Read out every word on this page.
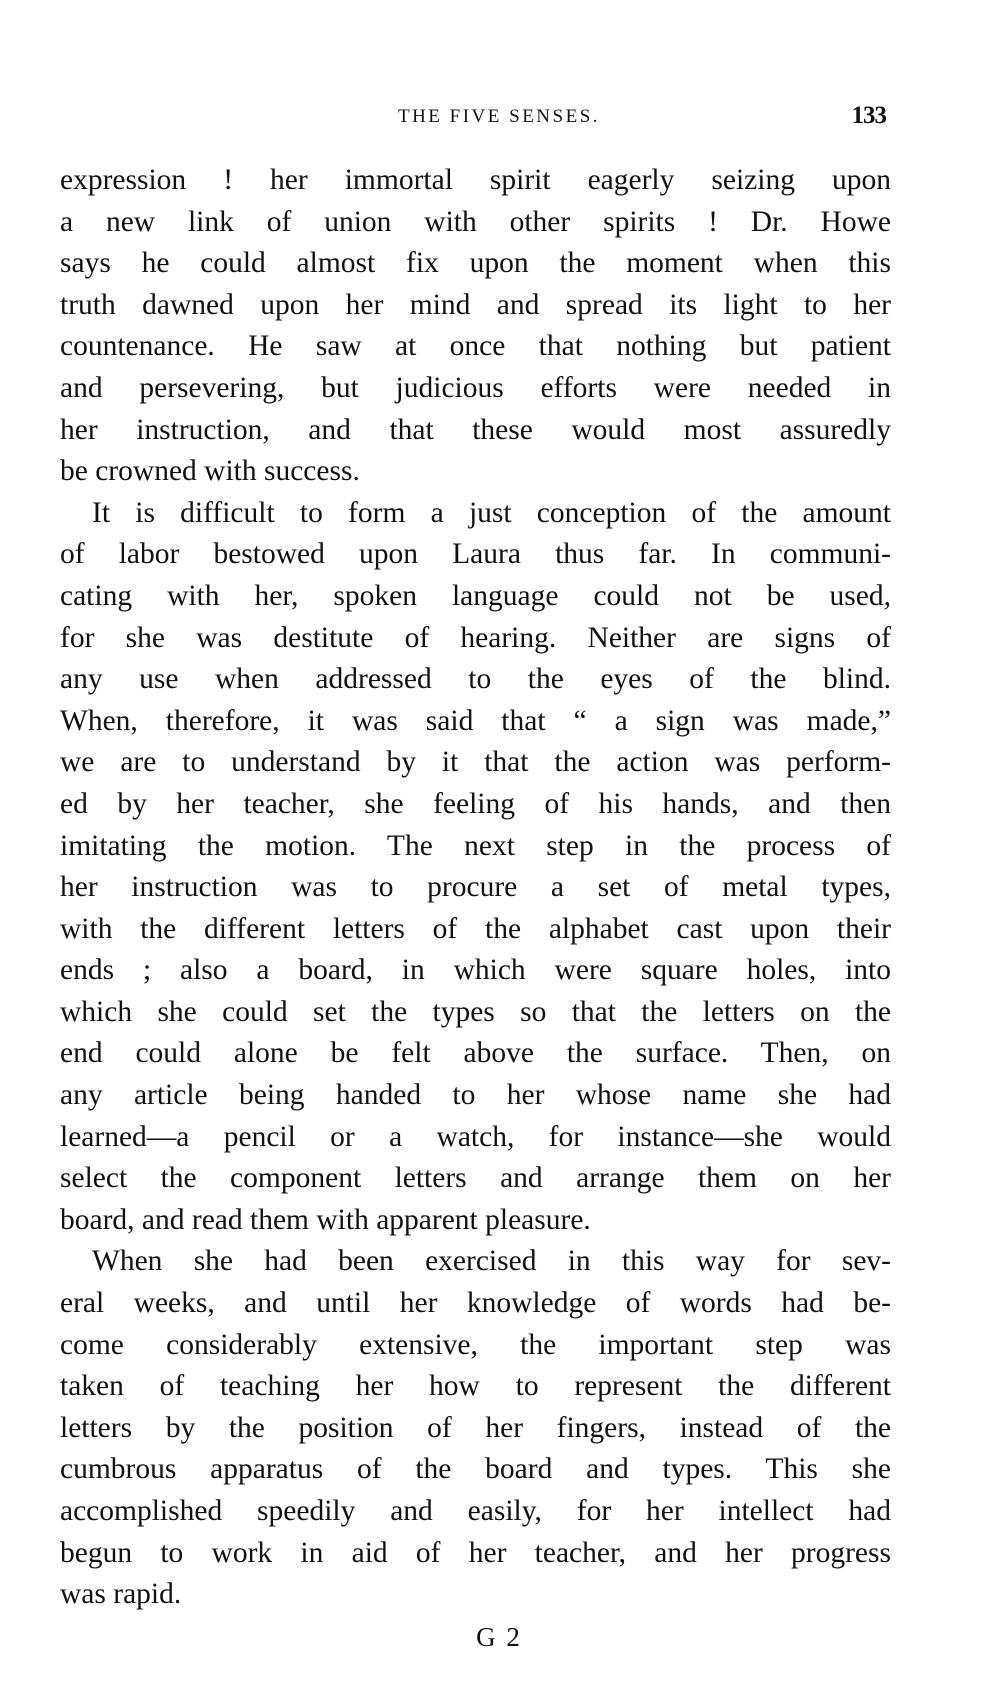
THE FIVE SENSES.	133
expression ! her immortal spirit eagerly seizing upon
a new link of union with other spirits ! Dr. Howe
says he could almost fix upon the moment when this
truth dawned upon her mind and spread its light to her
countenance. He saw at once that nothing but patient
and persevering, but judicious efforts were needed in
her instruction, and that these would most assuredly
be crowned with success.
It is difficult to form a just conception of the amount
of labor bestowed upon Laura thus far. In communi-
cating with her, spoken language could not be used,
for she was destitute of hearing. Neither are signs of
any use when addressed to the eyes of the blind.
When, therefore, it was said that “ a sign was made,”
we are to understand by it that the action was perform-
ed by her teacher, she feeling of his hands, and then
imitating the motion. The next step in the process of
her instruction was to procure a set of metal types,
with the different letters of the alphabet cast upon their
ends ; also a board, in which were square holes, into
which she could set the types so that the letters on the
end could alone be felt above the surface. Then, on
any article being handed to her whose name she had
learned—a pencil or a watch, for instance—she would
select the component letters and arrange them on her
board, and read them with apparent pleasure.
When she had been exercised in this way for sev-
eral weeks, and until her knowledge of words had be-
come considerably extensive, the important step was
taken of teaching her how to represent the different
letters by the position of her fingers, instead of the
cumbrous apparatus of the board and types. This she
accomplished speedily and easily, for her intellect had
begun to work in aid of her teacher, and her progress
was rapid.
G 2
